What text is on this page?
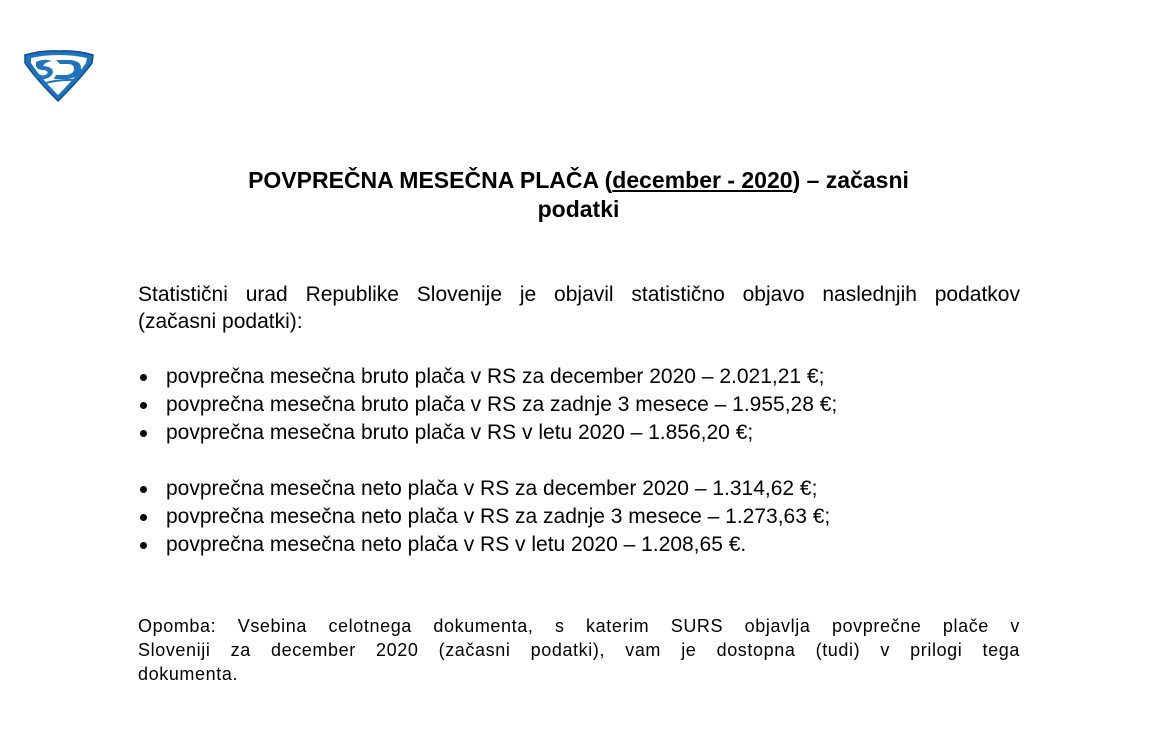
POVPREČNA MESEČNA PLAČA (december - 2020) – začasni
podatki

Statistični urad Republike Slovenije je objavil statistično objavo naslednjih podatkov
(začasni podatki):

povprečna mesečna bruto plača v RS za december 2020 – 2.021,21 €;
povprečna mesečna bruto plača v RS za zadnje 3 mesece – 1.955,28 €;
povprečna mesečna bruto plača v RS v letu 2020 – 1.856,20 €;
povprečna mesečna neto plača v RS za december 2020 – 1.314,62 €;
povprečna mesečna neto plača v RS za zadnje 3 mesece – 1.273,63 €;
povprečna mesečna neto plača v RS v letu 2020 – 1.208,65 €.

Opomba: Vsebina celotnega dokumenta, s katerim SURS objavlja povprečne plače v
Sloveniji za december 2020 (začasni podatki), vam je dostopna (tudi) v prilogi tega
dokumenta.
